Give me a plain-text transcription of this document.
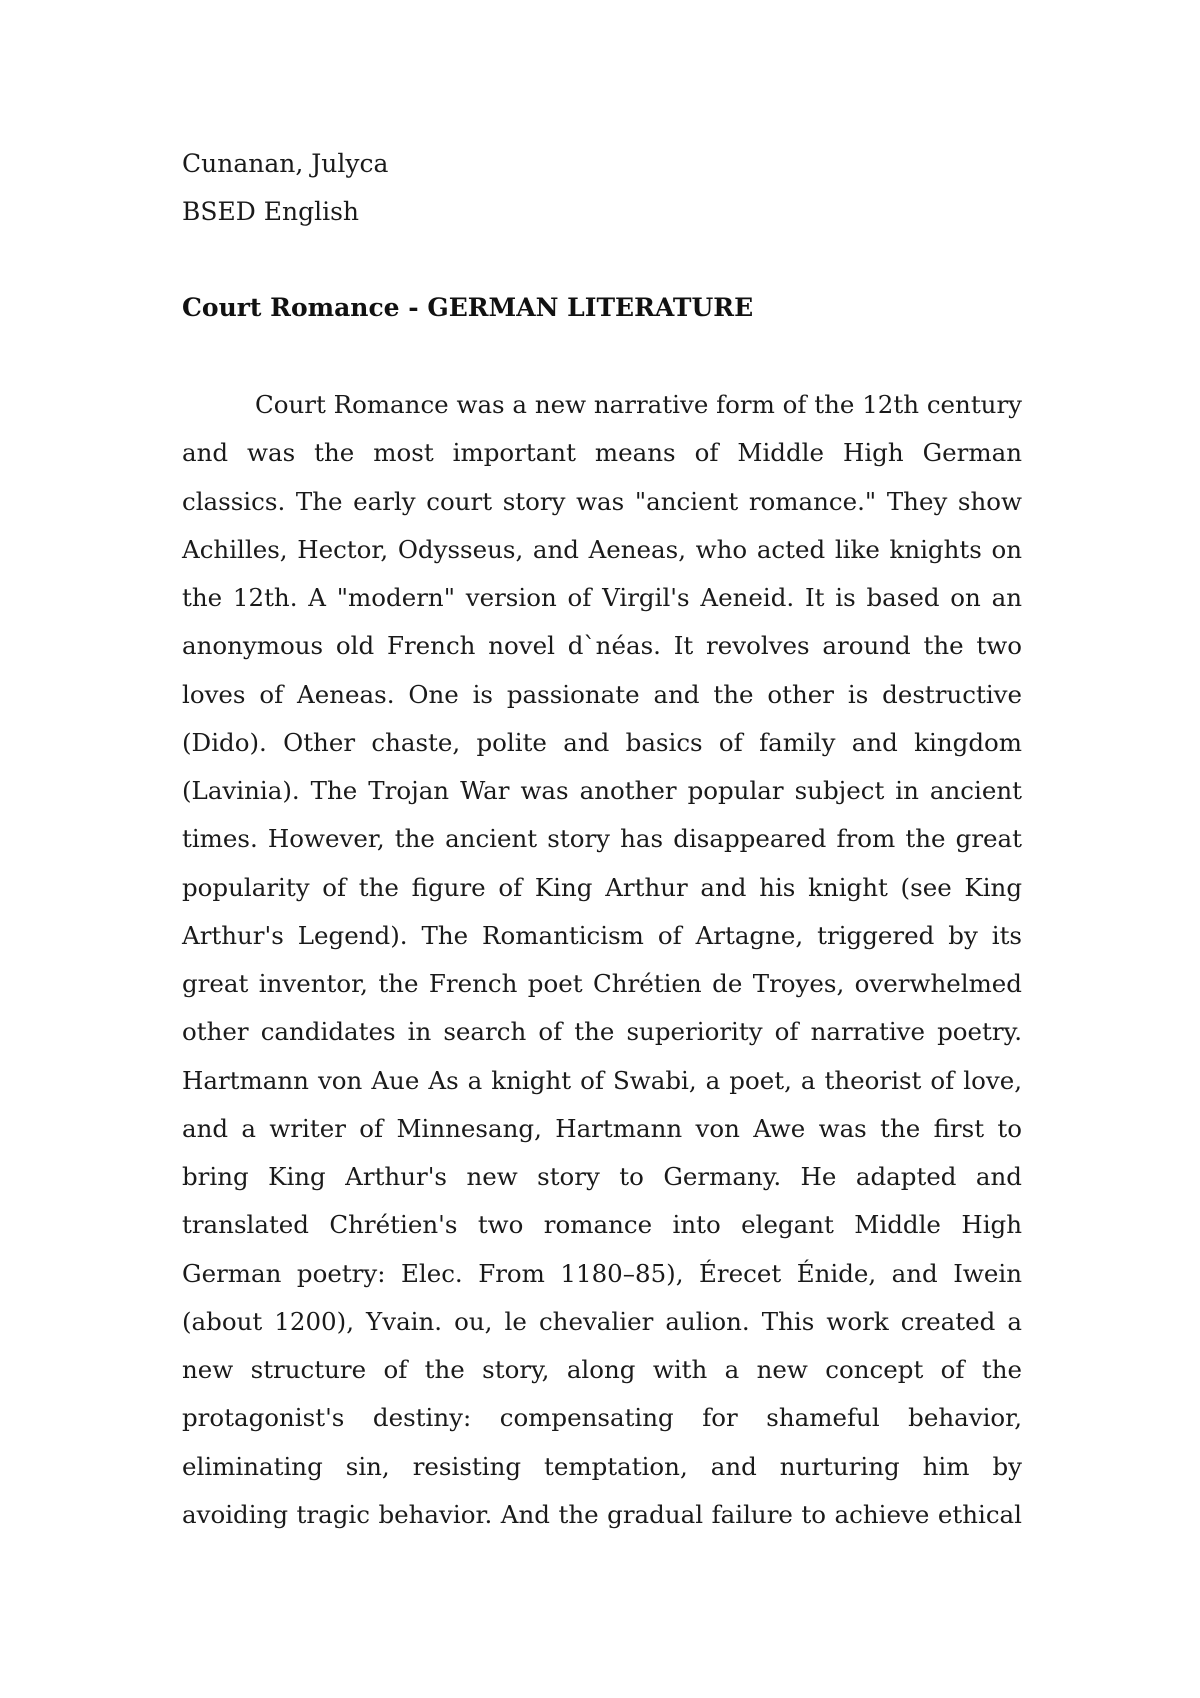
Cunanan, Julyca
BSED English
Court Romance - GERMAN LITERATURE
Court Romance was a new narrative form of the 12th century
and was the most important means of Middle High German
classics. The early court story was "ancient romance." They show
Achilles, Hector, Odysseus, and Aeneas, who acted like knights on
the 12th. A "modern" version of Virgil's Aeneid. It is based on an
anonymous old French novel d`néas. It revolves around the two
loves of Aeneas. One is passionate and the other is destructive
(Dido). Other chaste, polite and basics of family and kingdom
(Lavinia). The Trojan War was another popular subject in ancient
times. However, the ancient story has disappeared from the great
popularity of the figure of King Arthur and his knight (see King
Arthur's Legend). The Romanticism of Artagne, triggered by its
great inventor, the French poet Chrétien de Troyes, overwhelmed
other candidates in search of the superiority of narrative poetry.
Hartmann von Aue As a knight of Swabi, a poet, a theorist of love,
and a writer of Minnesang, Hartmann von Awe was the first to
bring King Arthur's new story to Germany. He adapted and
translated Chrétien's two romance into elegant Middle High
German poetry: Elec. From 1180–85), Érecet Énide, and Iwein
(about 1200), Yvain. ou, le chevalier aulion. This work created a
new structure of the story, along with a new concept of the
protagonist's destiny: compensating for shameful behavior,
eliminating sin, resisting temptation, and nurturing him by
avoiding tragic behavior. And the gradual failure to achieve ethical
